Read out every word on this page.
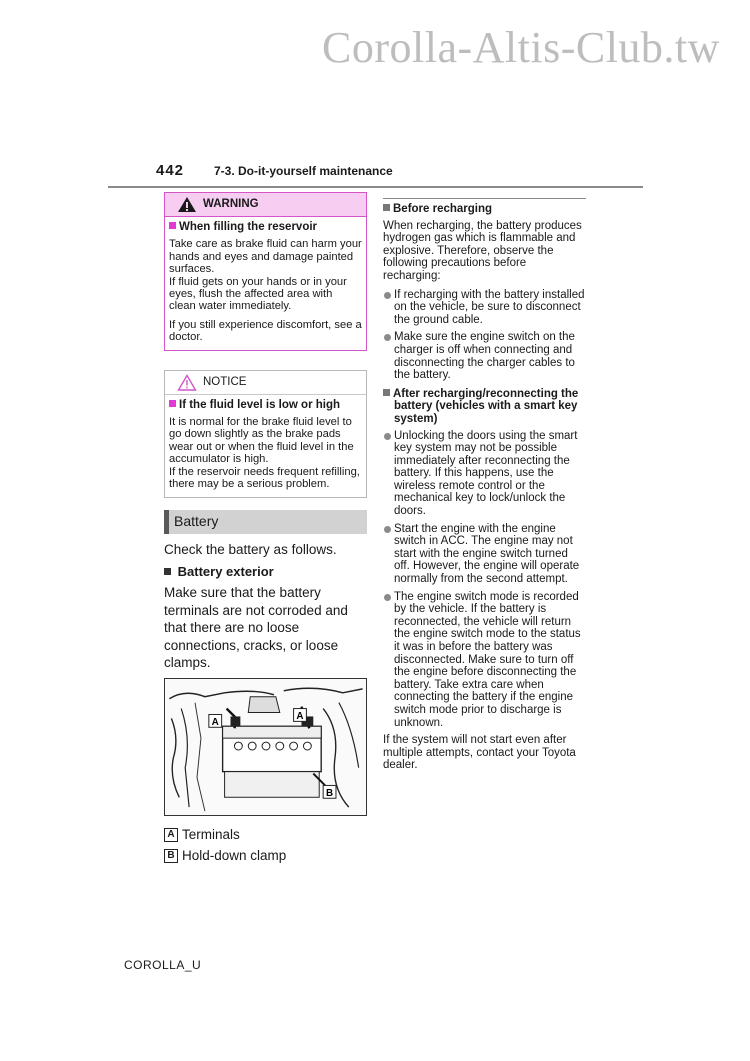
Corolla-Altis-Club.tw
442 7-3. Do-it-yourself maintenance
WARNING
When filling the reservoir

Take care as brake fluid can harm your hands and eyes and damage painted surfaces.
If fluid gets on your hands or in your eyes, flush the affected area with clean water immediately.

If you still experience discomfort, see a doctor.

NOTICE
If the fluid level is low or high

It is normal for the brake fluid level to go down slightly as the brake pads wear out or when the fluid level in the accumulator is high.
If the reservoir needs frequent refilling, there may be a serious problem.

Battery
Check the battery as follows.
Battery exterior
Make sure that the battery terminals are not corroded and that there are no loose connections, cracks, or loose clamps.
A
A
B
A Terminals
B Hold-down clamp
Before recharging

When recharging, the battery produces hydrogen gas which is flammable and explosive. Therefore, observe the following precautions before recharging:

If recharging with the battery installed on the vehicle, be sure to disconnect the ground cable.
Make sure the engine switch on the charger is off when connecting and disconnecting the charger cables to the battery.
After recharging/reconnecting the battery (vehicles with a smart key system)
Unlocking the doors using the smart key system may not be possible immediately after reconnecting the battery. If this happens, use the wireless remote control or the mechanical key to lock/unlock the doors.
Start the engine with the engine switch in ACC. The engine may not start with the engine switch turned off. However, the engine will operate normally from the second attempt.
The engine switch mode is recorded by the vehicle. If the battery is reconnected, the vehicle will return the engine switch mode to the status it was in before the battery was disconnected. Make sure to turn off the engine before disconnecting the battery. Take extra care when connecting the battery if the engine switch mode prior to discharge is unknown.

If the system will not start even after multiple attempts, contact your Toyota dealer.

COROLLA_U
